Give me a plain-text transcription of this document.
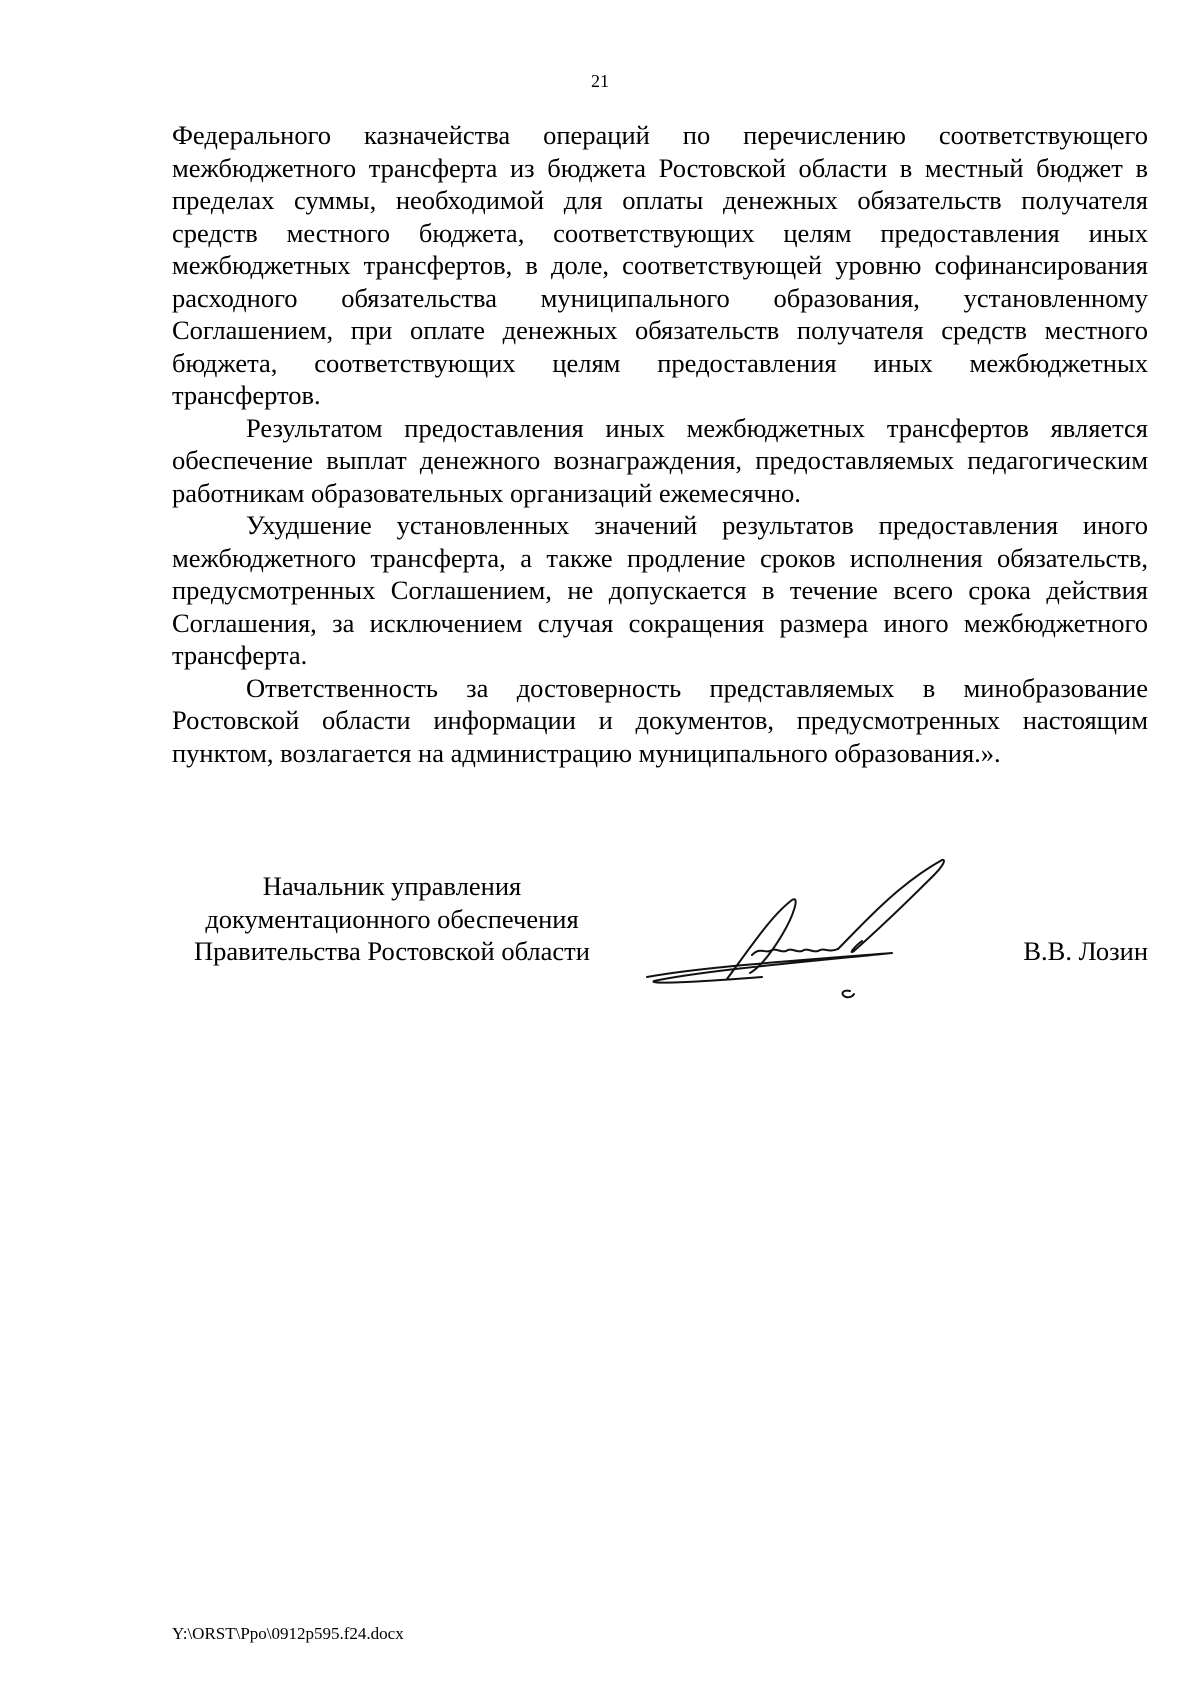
21

Федерального казначейства операций по перечислению соответствующего межбюджетного трансферта из бюджета Ростовской области в местный бюджет в пределах суммы, необходимой для оплаты денежных обязательств получателя средств местного бюджета, соответствующих целям предоставления иных межбюджетных трансфертов, в доле, соответствующей уровню софинансирования расходного обязательства муниципального образования, установленному Соглашением, при оплате денежных обязательств получателя средств местного бюджета, соответствующих целям предоставления иных межбюджетных трансфертов.

Результатом предоставления иных межбюджетных трансфертов является обеспечение выплат денежного вознаграждения, предоставляемых педагогическим работникам образовательных организаций ежемесячно.

Ухудшение установленных значений результатов предоставления иного межбюджетного трансферта, а также продление сроков исполнения обязательств, предусмотренных Соглашением, не допускается в течение всего срока действия Соглашения, за исключением случая сокращения размера иного межбюджетного трансферта.

Ответственность за достоверность представляемых в минобразование Ростовской области информации и документов, предусмотренных настоящим пунктом, возлагается на администрацию муниципального образования.».

Начальник управления
документационного обеспечения
Правительства Ростовской области	В.В. Лозин
Y:\ORST\Ppo\0912p595.f24.docx
